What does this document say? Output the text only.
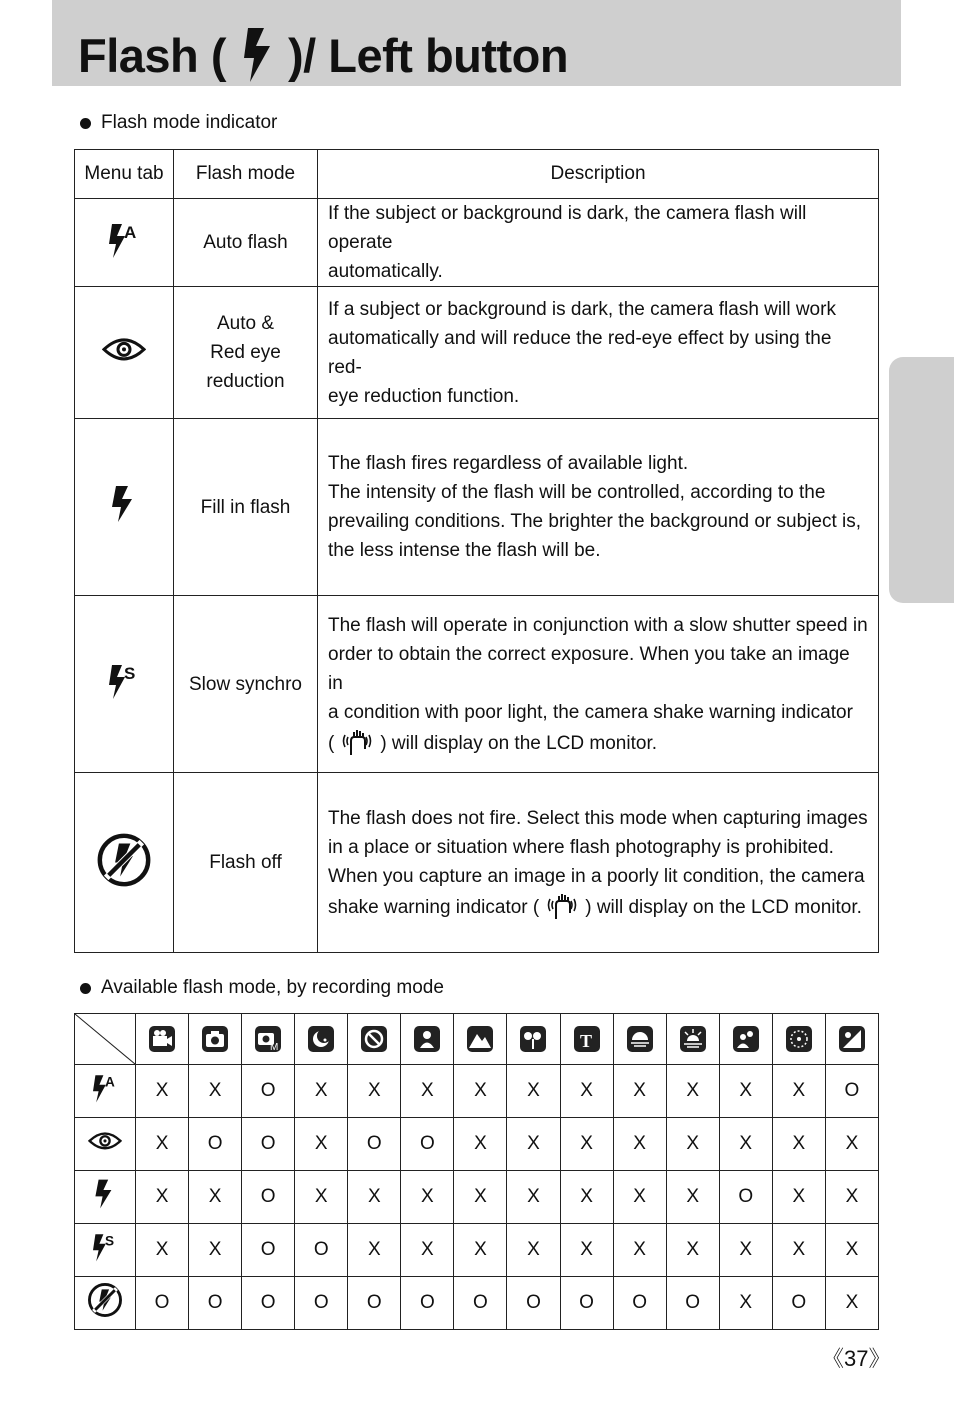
Flash ( )/ Left button
Flash mode indicator
Menu tab	Flash mode	Description

A	Auto flash	If the subject or background is dark, the camera flash will operate
automatically.
	Auto &
Red eye
reduction	If a subject or background is dark, the camera flash will work
automatically and will reduce the red-eye effect by using the red-
eye reduction function.
	Fill in flash	The flash fires regardless of available light.
The intensity of the flash will be controlled, according to the
prevailing conditions. The brighter the background or subject is,
the less intense the flash will be.

S	Slow synchro	The flash will operate in conjunction with a slow shutter speed in
order to obtain the correct exposure. When you take an image in
a condition with poor light, the camera shake warning indicator
( ) will display on the LCD monitor.
	Flash off	The flash does not fire. Select this mode when capturing images
in a place or situation where flash photography is prohibited.
When you capture an image in a poorly lit condition, the camera
shake warning indicator ( ) will display on the LCD monitor.
Available flash mode, by recording mode

M						T

A	X	X	O	X	X	X	X	X	X	X	X	X	X	O
	X	O	O	X	O	O	X	X	X	X	X	X	X	X
	X	X	O	X	X	X	X	X	X	X	X	O	X	X

S	X	X	O	O	X	X	X	X	X	X	X	X	X	X
	O	O	O	O	O	O	O	O	O	O	O	X	O	X
《37》
